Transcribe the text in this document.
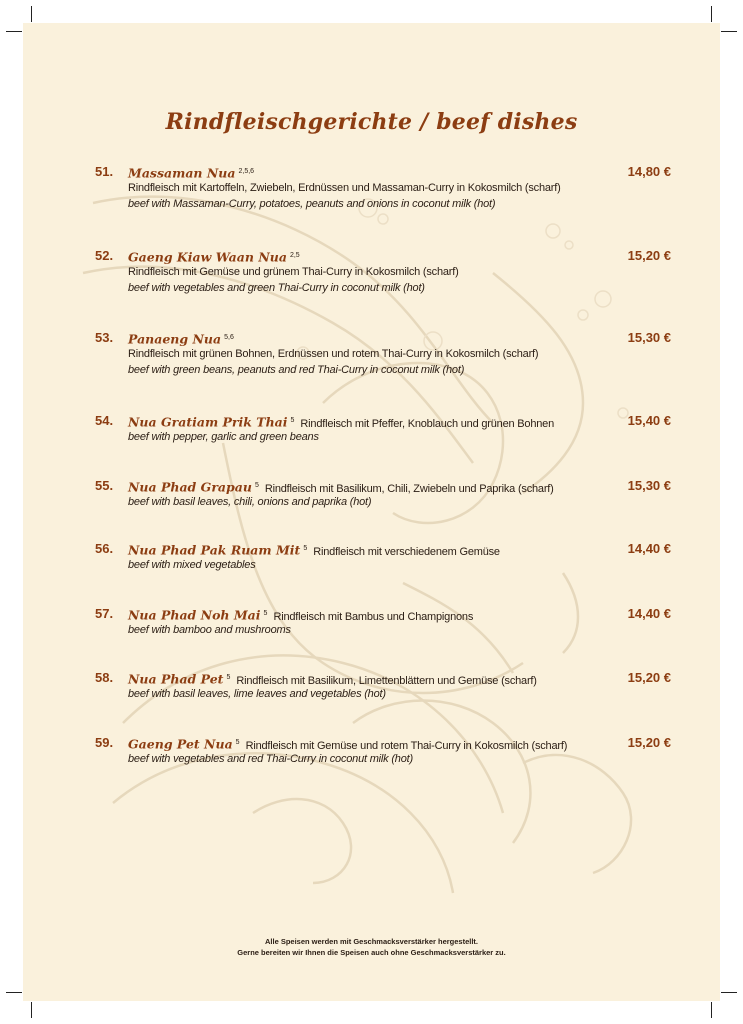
Rindfleischgerichte / beef dishes
51. Massaman Nua $^{2,5,6}$
Rindfleisch mit Kartoffeln, Zwiebeln, Erdnüssen und Massaman-Curry in Kokosmilch (scharf)
beef with Massaman-Curry, potatoes, peanuts and onions in coconut milk (hot)
14,80 €
52. Gaeng Kiaw Waan Nua $^{2,5}$
Rindfleisch mit Gemüse und grünem Thai-Curry in Kokosmilch (scharf)
beef with vegetables and green Thai-Curry in coconut milk (hot)
15,20 €
53. Panaeng Nua $^{5,6}$
Rindfleisch mit grünen Bohnen, Erdnüssen und rotem Thai-Curry in Kokosmilch (scharf)
beef with green beans, peanuts and red Thai-Curry in coconut milk (hot)
15,30 €
54. Nua Gratiam Prik Thai $^5$ Rindfleisch mit Pfeffer, Knoblauch und grünen Bohnen
beef with pepper, garlic and green beans
15,40 €
55. Nua Phad Grapau $^5$ Rindfleisch mit Basilikum, Chili, Zwiebeln und Paprika (scharf)
beef with basil leaves, chili, onions and paprika (hot)
15,30 €
56. Nua Phad Pak Ruam Mit $^5$ Rindfleisch mit verschiedenem Gemüse
beef with mixed vegetables
14,40 €
57. Nua Phad Noh Mai $^5$ Rindfleisch mit Bambus und Champignons
beef with bamboo and mushrooms
14,40 €
58. Nua Phad Pet $^5$ Rindfleisch mit Basilikum, Limettenblättern und Gemüse (scharf)
beef with basil leaves, lime leaves and vegetables (hot)
15,20 €
59. Gaeng Pet Nua $^5$ Rindfleisch mit Gemüse und rotem Thai-Curry in Kokosmilch (scharf)
beef with vegetables and red Thai-Curry in coconut milk (hot)
15,20 €
Alle Speisen werden mit Geschmacksverstärker hergestellt.
Gerne bereiten wir Ihnen die Speisen auch ohne Geschmacksverstärker zu.
